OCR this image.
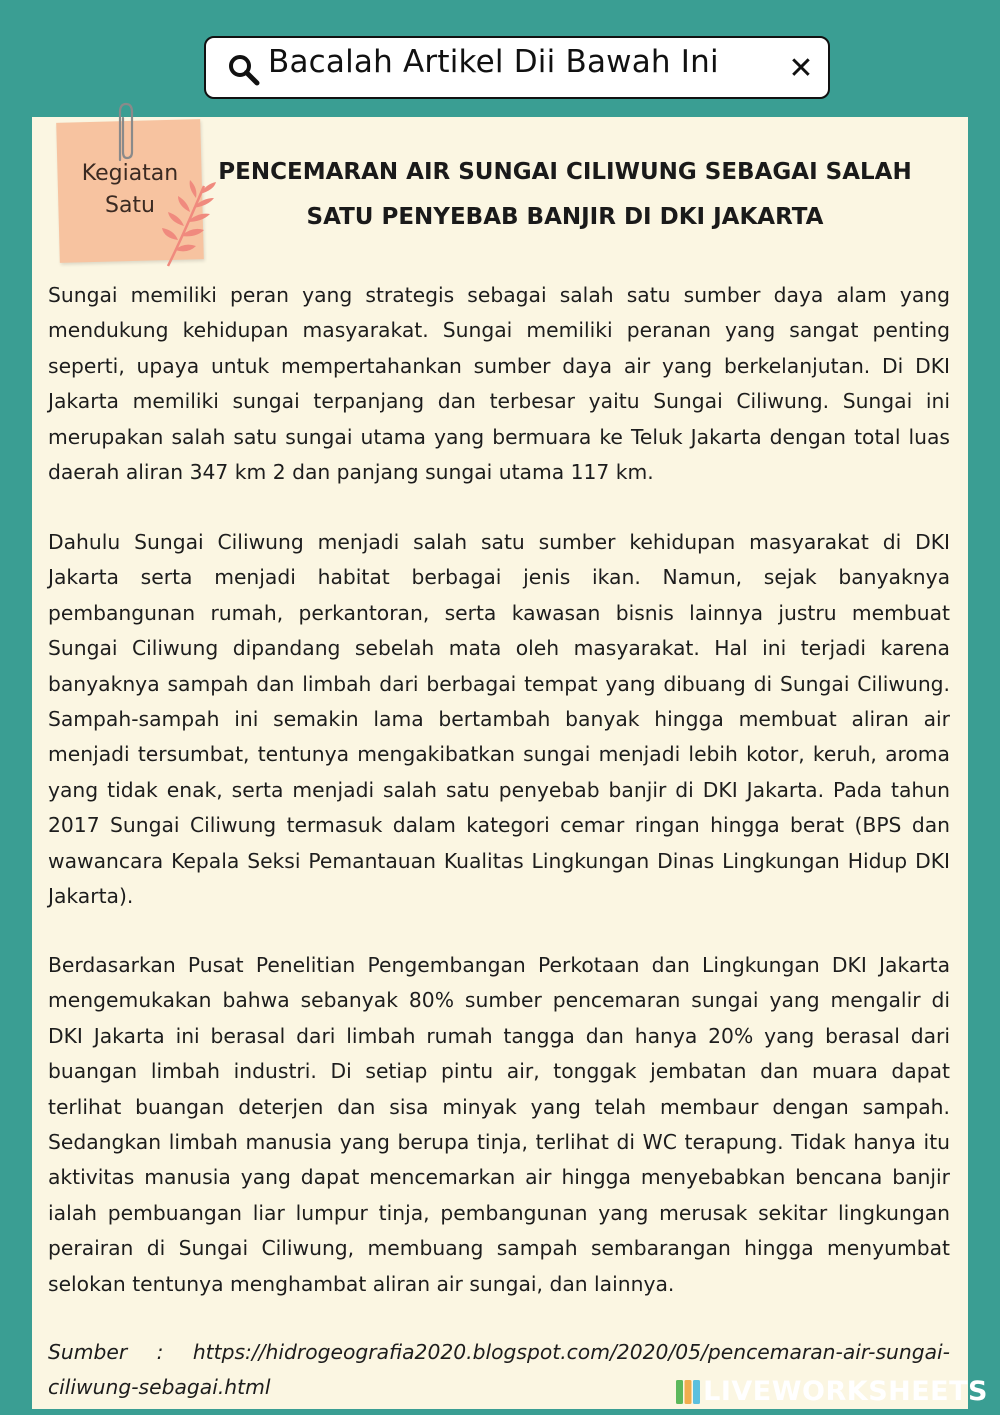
Bacalah Artikel Dii Bawah Ini ✕
Kegiatan
Satu
PENCEMARAN AIR SUNGAI CILIWUNG SEBAGAI SALAH
SATU PENYEBAB BANJIR DI DKI JAKARTA

Sungai memiliki peran yang strategis sebagai salah satu sumber daya alam yang mendukung kehidupan masyarakat. Sungai memiliki peranan yang sangat penting seperti, upaya untuk mempertahankan sumber daya air yang berkelanjutan. Di DKI Jakarta memiliki sungai terpanjang dan terbesar yaitu Sungai Ciliwung. Sungai ini merupakan salah satu sungai utama yang bermuara ke Teluk Jakarta dengan total luas daerah aliran 347 km 2 dan panjang sungai utama 117 km.

Dahulu Sungai Ciliwung menjadi salah satu sumber kehidupan masyarakat di DKI Jakarta serta menjadi habitat berbagai jenis ikan. Namun, sejak banyaknya pembangunan rumah, perkantoran, serta kawasan bisnis lainnya justru membuat Sungai Ciliwung dipandang sebelah mata oleh masyarakat. Hal ini terjadi karena banyaknya sampah dan limbah dari berbagai tempat yang dibuang di Sungai Ciliwung. Sampah-sampah ini semakin lama bertambah banyak hingga membuat aliran air menjadi tersumbat, tentunya mengakibatkan sungai menjadi lebih kotor, keruh, aroma yang tidak enak, serta menjadi salah satu penyebab banjir di DKI Jakarta. Pada tahun 2017 Sungai Ciliwung termasuk dalam kategori cemar ringan hingga berat (BPS dan wawancara Kepala Seksi Pemantauan Kualitas Lingkungan Dinas Lingkungan Hidup DKI Jakarta).

Berdasarkan Pusat Penelitian Pengembangan Perkotaan dan Lingkungan DKI Jakarta mengemukakan bahwa sebanyak 80% sumber pencemaran sungai yang mengalir di DKI Jakarta ini berasal dari limbah rumah tangga dan hanya 20% yang berasal dari buangan limbah industri. Di setiap pintu air, tonggak jembatan dan muara dapat terlihat buangan deterjen dan sisa minyak yang telah membaur dengan sampah. Sedangkan limbah manusia yang berupa tinja, terlihat di WC terapung. Tidak hanya itu aktivitas manusia yang dapat mencemarkan air hingga menyebabkan bencana banjir ialah pembuangan liar lumpur tinja, pembangunan yang merusak sekitar lingkungan perairan di Sungai Ciliwung, membuang sampah sembarangan hingga menyumbat selokan tentunya menghambat aliran air sungai, dan lainnya.

Sumber : https://hidrogeografia2020.blogspot.com/2020/05/pencemaran-air-sungai-ciliwung-sebagai.html	LIVEWORKSHEETS
